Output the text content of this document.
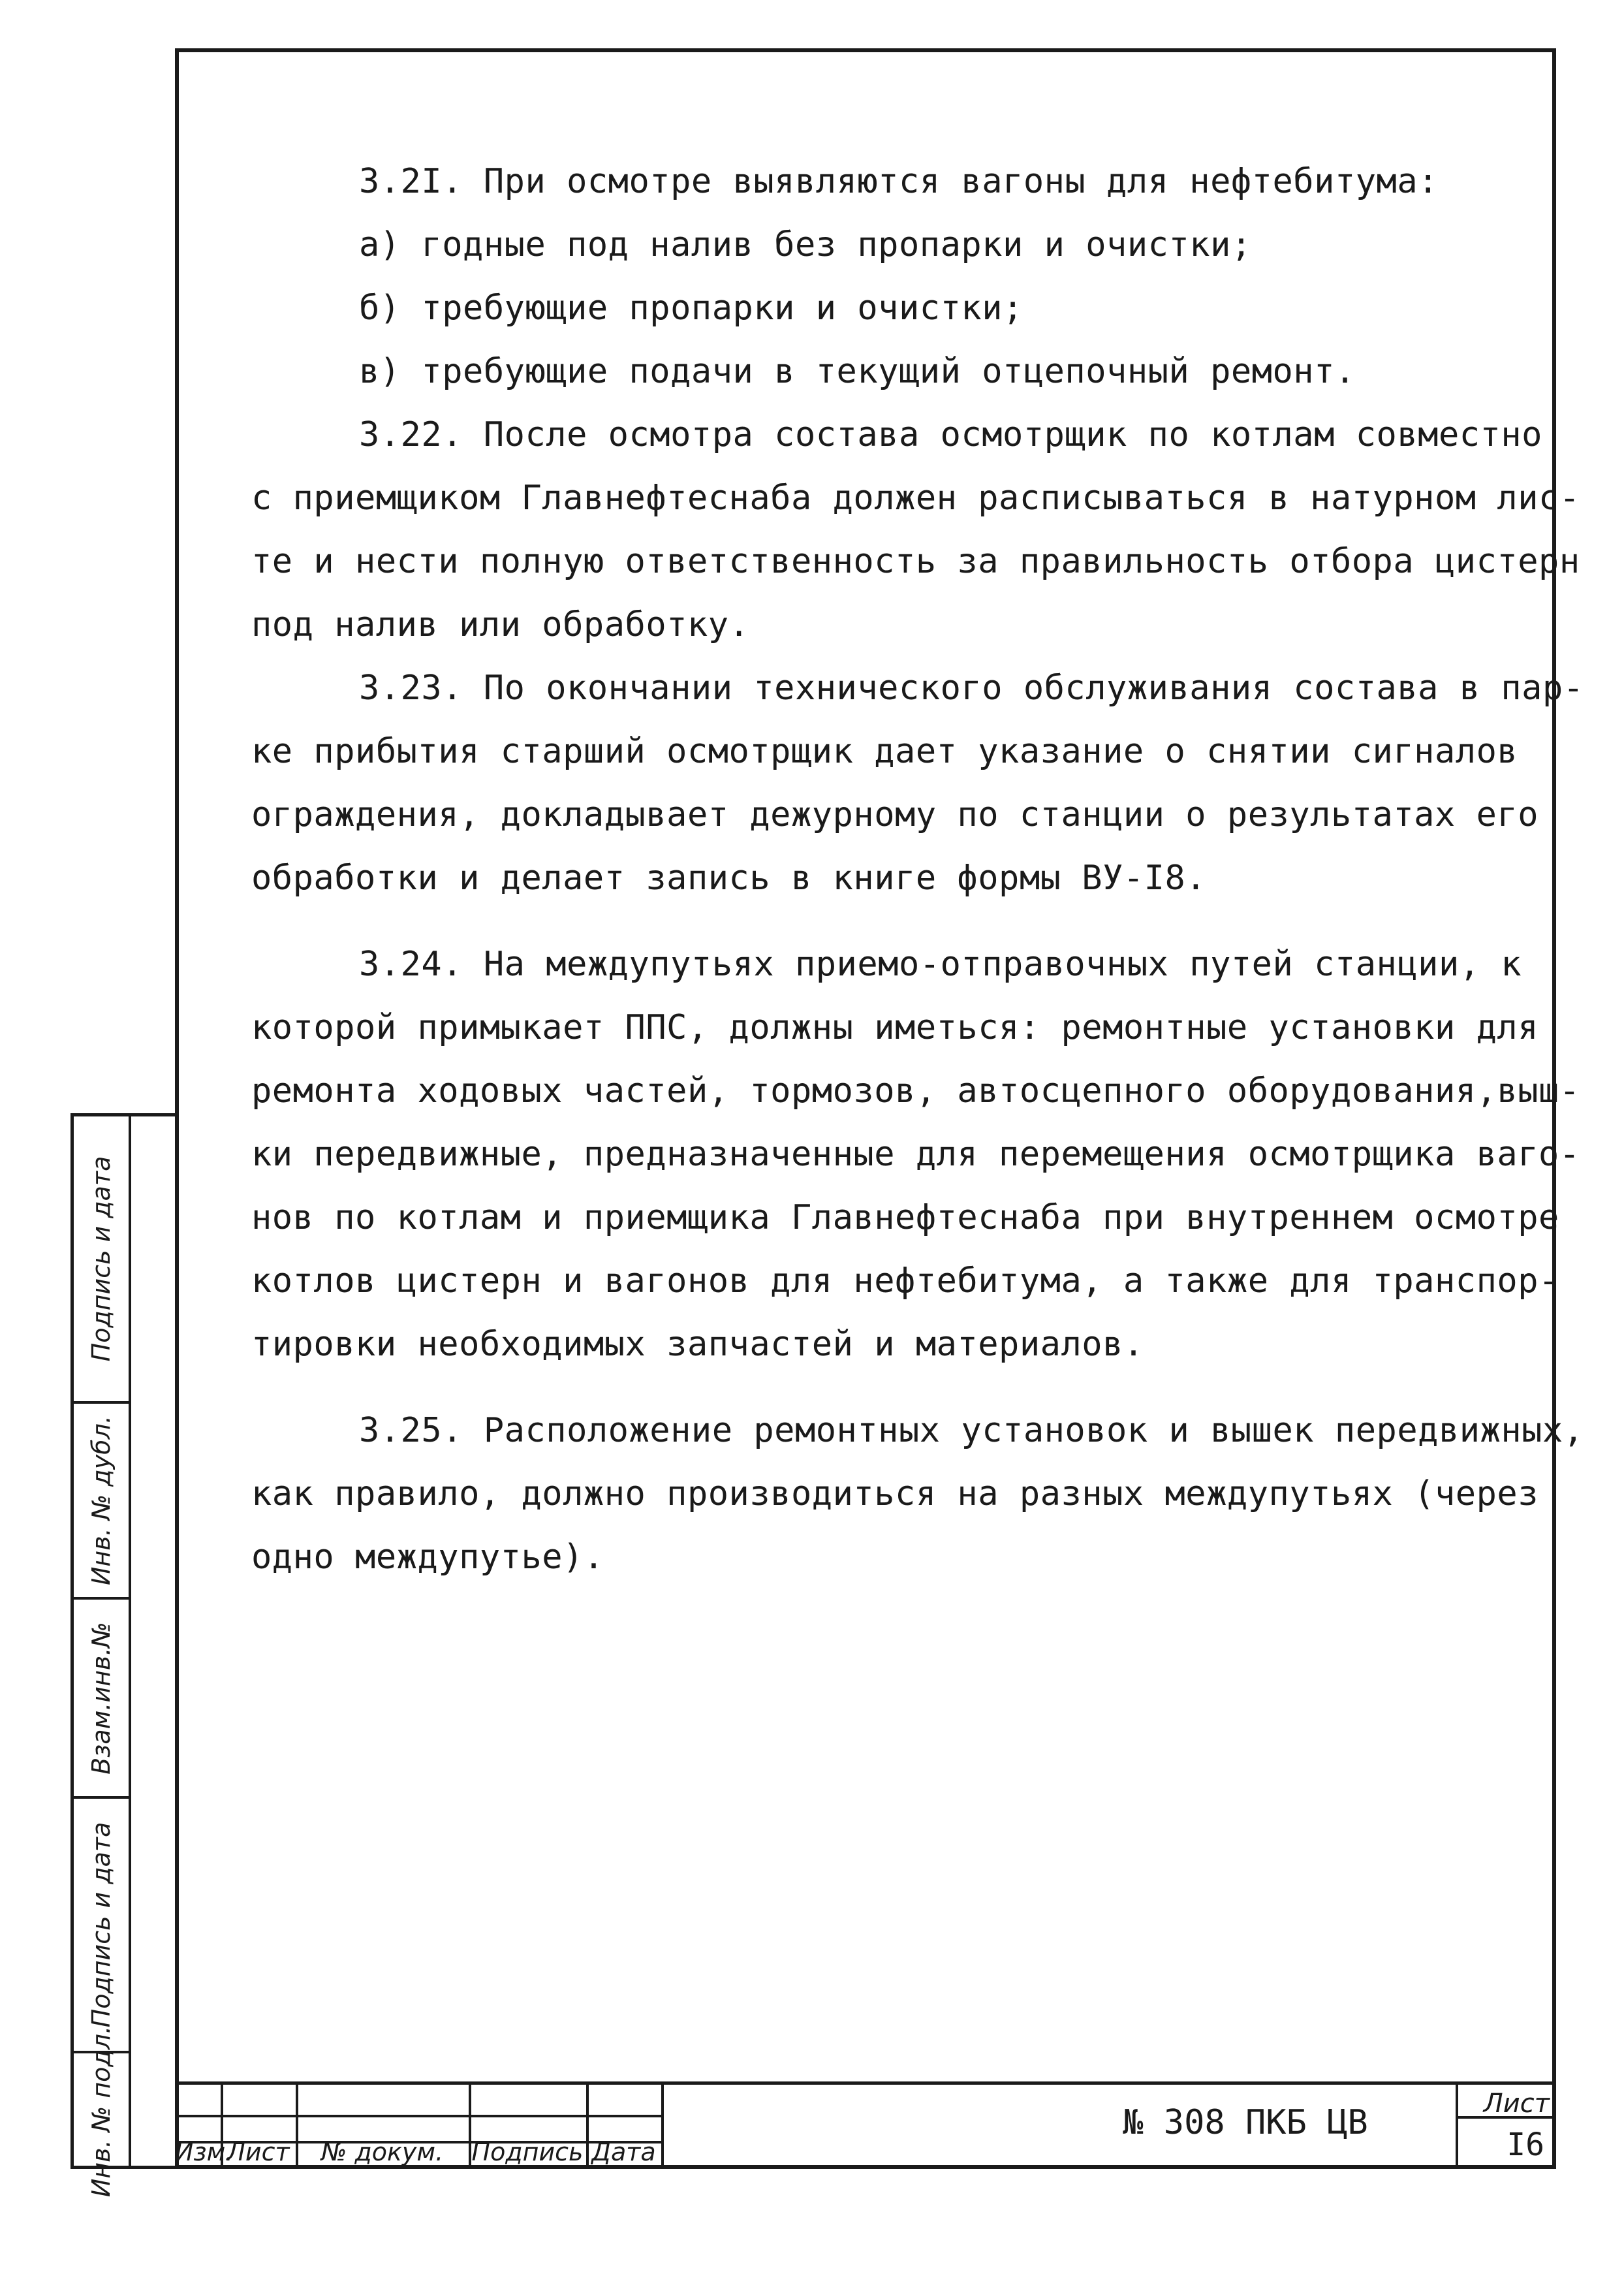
3.2I. При осмотре выявляются вагоны для нефтебитума:
а) годные под налив без пропарки и очистки;
б) требующие пропарки и очистки;
в) требующие подачи в текущий отцепочный ремонт.
3.22. После осмотра состава осмотрщик по котлам совместно
с приемщиком Главнефтеснаба должен расписываться в натурном лис-
те и нести полную ответственность за правильность отбора цистерн
под налив или обработку.
3.23. По окончании технического обслуживания состава в пар-
ке прибытия старший осмотрщик дает указание о снятии сигналов
ограждения, докладывает дежурному по станции о результатах его
обработки и делает запись в книге формы ВУ-I8.
3.24. На междупутьях приемо-отправочных путей станции, к
которой примыкает ППС, должны иметься: ремонтные установки для
ремонта ходовых частей, тормозов, автосцепного оборудования,выш-
ки передвижные, предназначенные для перемещения осмотрщика ваго-
нов по котлам и приемщика Главнефтеснаба при внутреннем осмотре
котлов цистерн и вагонов для нефтебитума, а также для транспор-
тировки необходимых запчастей и материалов.
3.25. Расположение ремонтных установок и вышек передвижных,
как правило, должно производиться на разных междупутьях (через
одно междупутье).
Подпись и дата
Инв. № дубл.
Взам.инв.№
Подпись и дата
Инв. № подл. Изм.
Лист	№ докум.	Подпись Дата
№ 308 ПКБ ЦВ	Лист
I6
